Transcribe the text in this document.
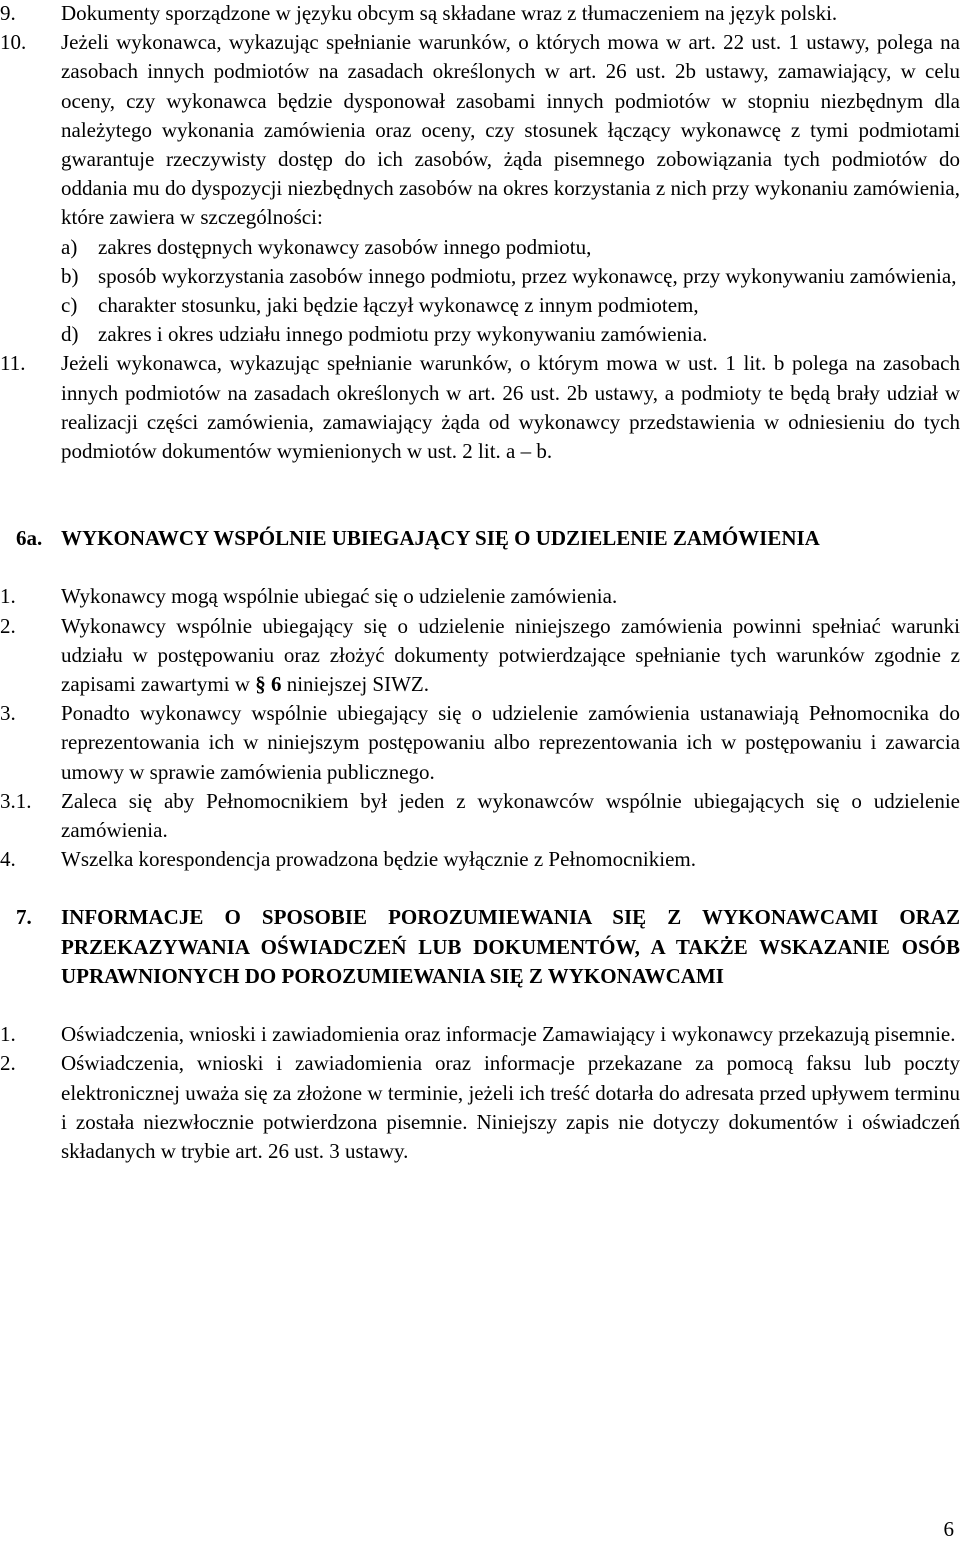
9.	Dokumenty sporządzone w języku obcym są składane wraz z tłumaczeniem na język polski.
10.	Jeżeli wykonawca, wykazując spełnianie warunków, o których mowa w art. 22 ust. 1 ustawy, polega na zasobach innych podmiotów na zasadach określonych w art. 26 ust. 2b ustawy, zamawiający, w celu oceny, czy wykonawca będzie dysponował zasobami innych podmiotów w stopniu niezbędnym dla należytego wykonania zamówienia oraz oceny, czy stosunek łączący wykonawcę z tymi podmiotami gwarantuje rzeczywisty dostęp do ich zasobów, żąda pisemnego zobowiązania tych podmiotów do oddania mu do dyspozycji niezbędnych zasobów na okres korzystania z nich przy wykonaniu zamówienia, które zawiera w szczególności:
a) zakres dostępnych wykonawcy zasobów innego podmiotu,
b) sposób wykorzystania zasobów innego podmiotu, przez wykonawcę, przy wykonywaniu zamówienia,
c) charakter stosunku, jaki będzie łączył wykonawcę z innym podmiotem,
d) zakres i okres udziału innego podmiotu przy wykonywaniu zamówienia.
11.	Jeżeli wykonawca, wykazując spełnianie warunków, o którym mowa w ust. 1 lit. b polega na zasobach innych podmiotów na zasadach określonych w art. 26 ust. 2b ustawy, a podmioty te będą brały udział w realizacji części zamówienia, zamawiający żąda od wykonawcy przedstawienia w odniesieniu do tych podmiotów dokumentów wymienionych w ust. 2 lit. a – b.
6a. WYKONAWCY WSPÓLNIE UBIEGAJĄCY SIĘ O UDZIELENIE ZAMÓWIENIA
1.	Wykonawcy mogą wspólnie ubiegać się o udzielenie zamówienia.
2.	Wykonawcy wspólnie ubiegający się o udzielenie niniejszego zamówienia powinni spełniać warunki udziału w postępowaniu oraz złożyć dokumenty potwierdzające spełnianie tych warunków zgodnie z zapisami zawartymi w § 6 niniejszej SIWZ.
3.	Ponadto wykonawcy wspólnie ubiegający się o udzielenie zamówienia ustanawiają Pełnomocnika do reprezentowania ich w niniejszym postępowaniu albo reprezentowania ich w postępowaniu i zawarcia umowy w sprawie zamówienia publicznego.
3.1.	Zaleca się aby Pełnomocnikiem był jeden z wykonawców wspólnie ubiegających się o udzielenie zamówienia.
4.	Wszelka korespondencja prowadzona będzie wyłącznie z Pełnomocnikiem.
7.	INFORMACJE O SPOSOBIE POROZUMIEWANIA SIĘ Z WYKONAWCAMI ORAZ PRZEKAZYWANIA OŚWIADCZEŃ LUB DOKUMENTÓW, A TAKŻE WSKAZANIE OSÓB UPRAWNIONYCH DO POROZUMIEWANIA SIĘ Z WYKONAWCAMI
1.	Oświadczenia, wnioski i zawiadomienia oraz informacje Zamawiający i wykonawcy przekazują pisemnie.
2.	Oświadczenia, wnioski i zawiadomienia oraz informacje przekazane za pomocą faksu lub poczty elektronicznej uważa się za złożone w terminie, jeżeli ich treść dotarła do adresata przed upływem terminu i została niezwłocznie potwierdzona pisemnie. Niniejszy zapis nie dotyczy dokumentów i oświadczeń składanych w trybie art. 26 ust. 3 ustawy.
6
